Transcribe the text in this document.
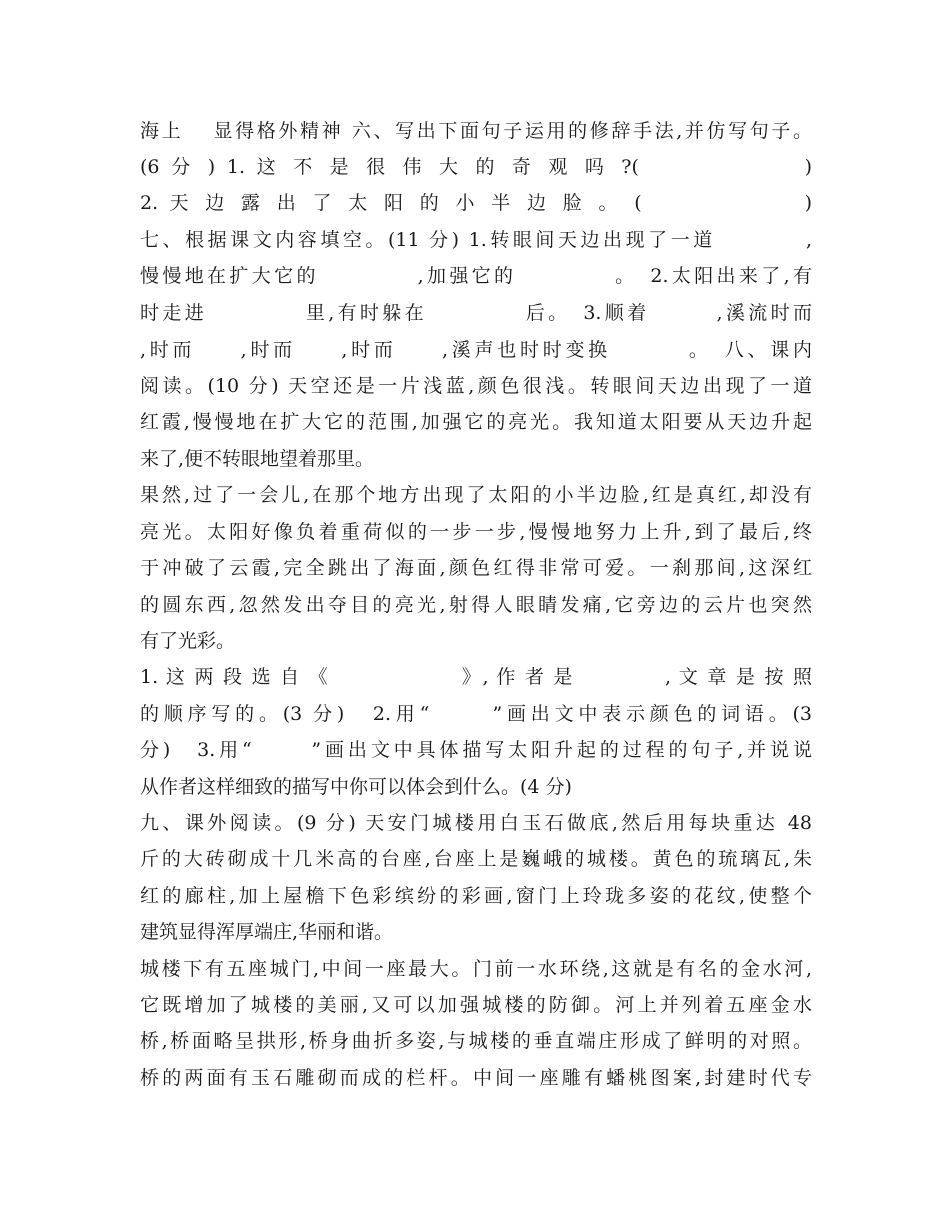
海上　 显得格外精神 六、写出下面句子运用的修辞手法,并仿写句子。
(6 分 ) 1. 这 不 是 很 伟 大 的 奇 观 吗 ?(　　　　　　 )
2. 天 边 露 出 了 太 阳 的 小 半 边 脸 。 (　　　　　　 )
七、根据课文内容填空。(11 分) 1.转眼间天边出现了一道　　　　,
慢慢地在扩大它的　　　　 ,加强它的　　　　 。　2.太阳出来了,有
时走进　　　　 里,有时躲在　　　　 后。　3.顺着　　　,溪流时而
,时而　　,时而　　,时而　　,溪声也时时变换　　　 。　八、课内
阅读。(10 分) 天空还是一片浅蓝,颜色很浅。转眼间天边出现了一道
红霞,慢慢地在扩大它的范围,加强它的亮光。我知道太阳要从天边升起
来了,便不转眼地望着那里。
果然,过了一会儿,在那个地方出现了太阳的小半边脸,红是真红,却没有
亮光。太阳好像负着重荷似的一步一步,慢慢地努力上升,到了最后,终
于冲破了云霞,完全跳出了海面,颜色红得非常可爱。一刹那间,这深红
的圆东西,忽然发出夺目的亮光,射得人眼睛发痛,它旁边的云片也突然
有了光彩。
1. 这 两 段 选 自 《　　　　　　 》, 作 者 是　　　　 , 文 章 是 按 照
的顺序写的。(3 分)　2.用“　　 ”画出文中表示颜色的词语。(3
分)　3.用“　　 ”画出文中具体描写太阳升起的过程的句子,并说说
从作者这样细致的描写中你可以体会到什么。(4 分)
九、课外阅读。(9 分) 天安门城楼用白玉石做底,然后用每块重达 48
斤的大砖砌成十几米高的台座,台座上是巍峨的城楼。黄色的琉璃瓦,朱
红的廊柱,加上屋檐下色彩缤纷的彩画,窗门上玲珑多姿的花纹,使整个
建筑显得浑厚端庄,华丽和谐。
城楼下有五座城门,中间一座最大。门前一水环绕,这就是有名的金水河,
它既增加了城楼的美丽,又可以加强城楼的防御。河上并列着五座金水
桥,桥面略呈拱形,桥身曲折多姿,与城楼的垂直端庄形成了鲜明的对照。
桥的两面有玉石雕砌而成的栏杆。中间一座雕有蟠桃图案,封建时代专
